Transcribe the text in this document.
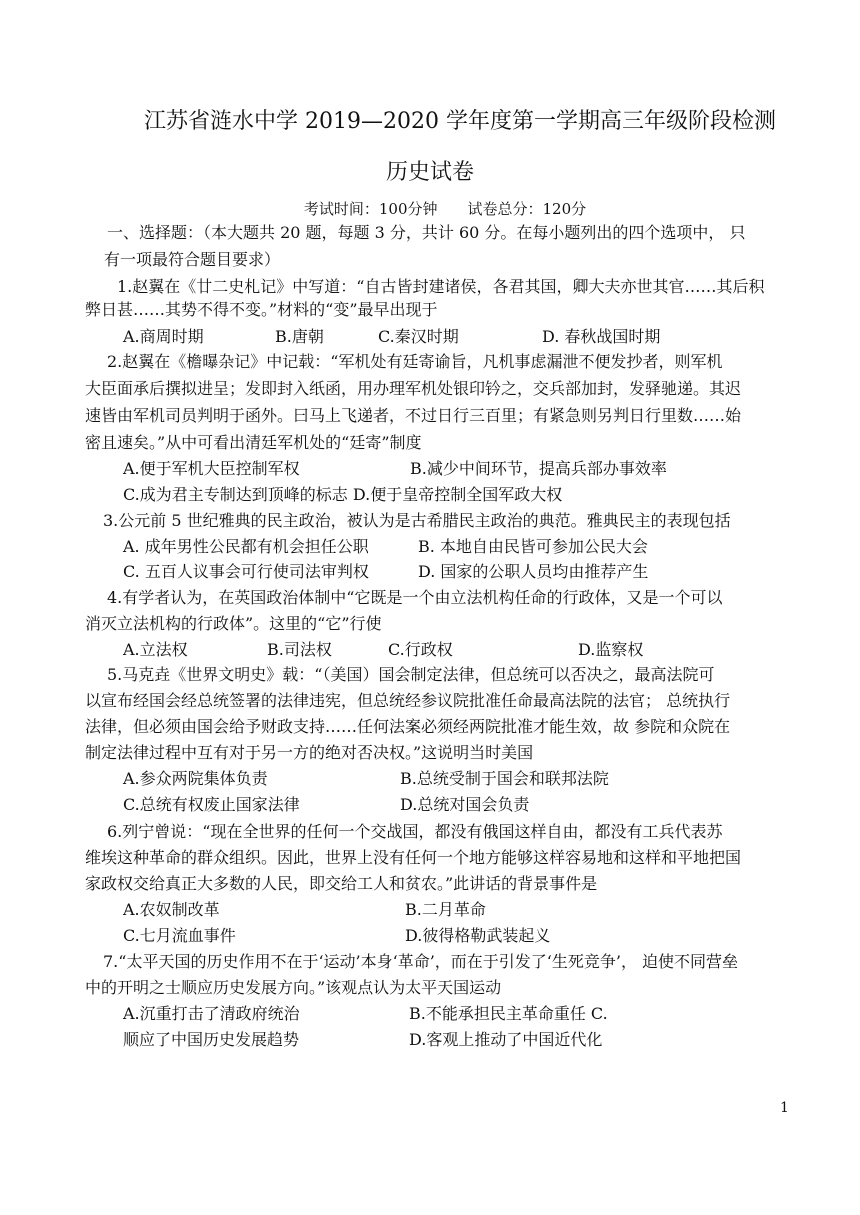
江苏省涟水中学 2019—2020 学年度第一学期高三年级阶段检测
历史试卷
考试时间：100分钟　　试卷总分：120分
一、选择题：（本大题共 20 题，每题 3 分，共计 60 分。在每小题列出的四个选项中， 只
有一项最符合题目要求）
1.赵翼在《廿二史札记》中写道：“自古皆封建诸侯，各君其国，卿大夫亦世其官……其后积
弊日甚……其势不得不变。”材料的“变”最早出现于
A.商周时期	B.唐朝	C.秦汉时期	D. 春秋战国时期
2.赵翼在《檐曝杂记》中记载：“军机处有廷寄谕旨，凡机事虑漏泄不便发抄者，则军机
大臣面承后撰拟进呈；发即封入纸函，用办理军机处银印钤之，交兵部加封，发驿驰递。其迟
速皆由军机司员判明于函外。曰马上飞递者，不过日行三百里；有紧急则另判日行里数……始
密且速矣。”从中可看出清廷军机处的“廷寄”制度
A.便于军机大臣控制军权	B.减少中间环节，提高兵部办事效率
C.成为君主专制达到顶峰的标志 D.便于皇帝控制全国军政大权
3.公元前 5 世纪雅典的民主政治，被认为是古希腊民主政治的典范。雅典民主的表现包括
A. 成年男性公民都有机会担任公职	B. 本地自由民皆可参加公民大会
C. 五百人议事会可行使司法审判权	D. 国家的公职人员均由推荐产生
4.有学者认为，在英国政治体制中“它既是一个由立法机构任命的行政体，又是一个可以
消灭立法机构的行政体”。这里的“它”行使
A.立法权	B.司法权	C.行政权	D.监察权
5.马克垚《世界文明史》载：“（美国）国会制定法律，但总统可以否决之，最高法院可
以宣布经国会经总统签署的法律违宪，但总统经参议院批准任命最高法院的法官； 总统执行
法律，但必须由国会给予财政支持……任何法案必须经两院批准才能生效，故 参院和众院在
制定法律过程中互有对于另一方的绝对否决权。”这说明当时美国
A.参众两院集体负责	B.总统受制于国会和联邦法院
C.总统有权废止国家法律	D.总统对国会负责
6.列宁曾说：“现在全世界的任何一个交战国，都没有俄国这样自由，都没有工兵代表苏
维埃这种革命的群众组织。因此，世界上没有任何一个地方能够这样容易地和这样和平地把国
家政权交给真正大多数的人民，即交给工人和贫农。”此讲话的背景事件是
A.农奴制改革	B.二月革命
C.七月流血事件	D.彼得格勒武装起义
7.“太平天国的历史作用不在于‘运动’本身‘革命’，而在于引发了‘生死竞争’， 迫使不同营垒
中的开明之士顺应历史发展方向。”该观点认为太平天国运动
A.沉重打击了清政府统治	B.不能承担民主革命重任 C.
顺应了中国历史发展趋势	D.客观上推动了中国近代化
1
